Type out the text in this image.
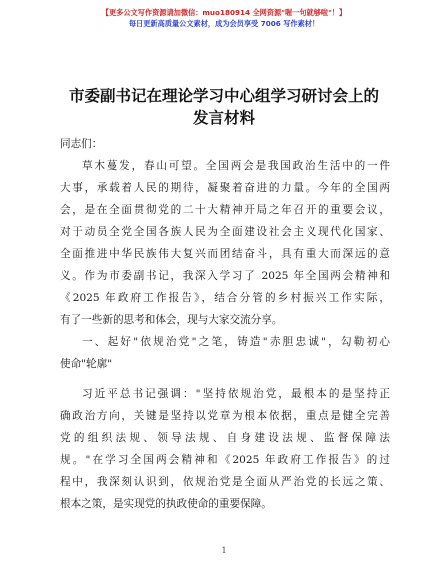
【更多公文写作资源请加微信：muo180914 全网资源"喔一句就够啦"！】
每日更新高质量公文素材，成为会员享受 7006 写作素材！
市委副书记在理论学习中心组学习研讨会上的
发言材料
同志们：
草木蔓发，春山可望。全国两会是我国政治生活中的一件
大事，承载着人民的期待，凝聚着奋进的力量。今年的全国两
会，是在全面贯彻党的二十大精神开局之年召开的重要会议，
对于动员全党全国各族人民为全面建设社会主义现代化国家、
全面推进中华民族伟大复兴而团结奋斗，具有重大而深远的意
义。作为市委副书记，我深入学习了 2025 年全国两会精神和
《2025 年政府工作报告》，结合分管的乡村振兴工作实际，
有了一些新的思考和体会，现与大家交流分享。
一、起好"依规治党"之笔，铸造"赤胆忠诚"，勾勒初心
使命"轮廓"
习近平总书记强调："坚持依规治党，最根本的是坚持正
确政治方向，关键是坚持以党章为根本依据，重点是健全完善
党的组织法规、领导法规、自身建设法规、监督保障法
规。"在学习全国两会精神和《2025 年政府工作报告》的过
程中，我深刻认识到，依规治党是全面从严治党的长远之策、
根本之策，是实现党的执政使命的重要保障。
1
